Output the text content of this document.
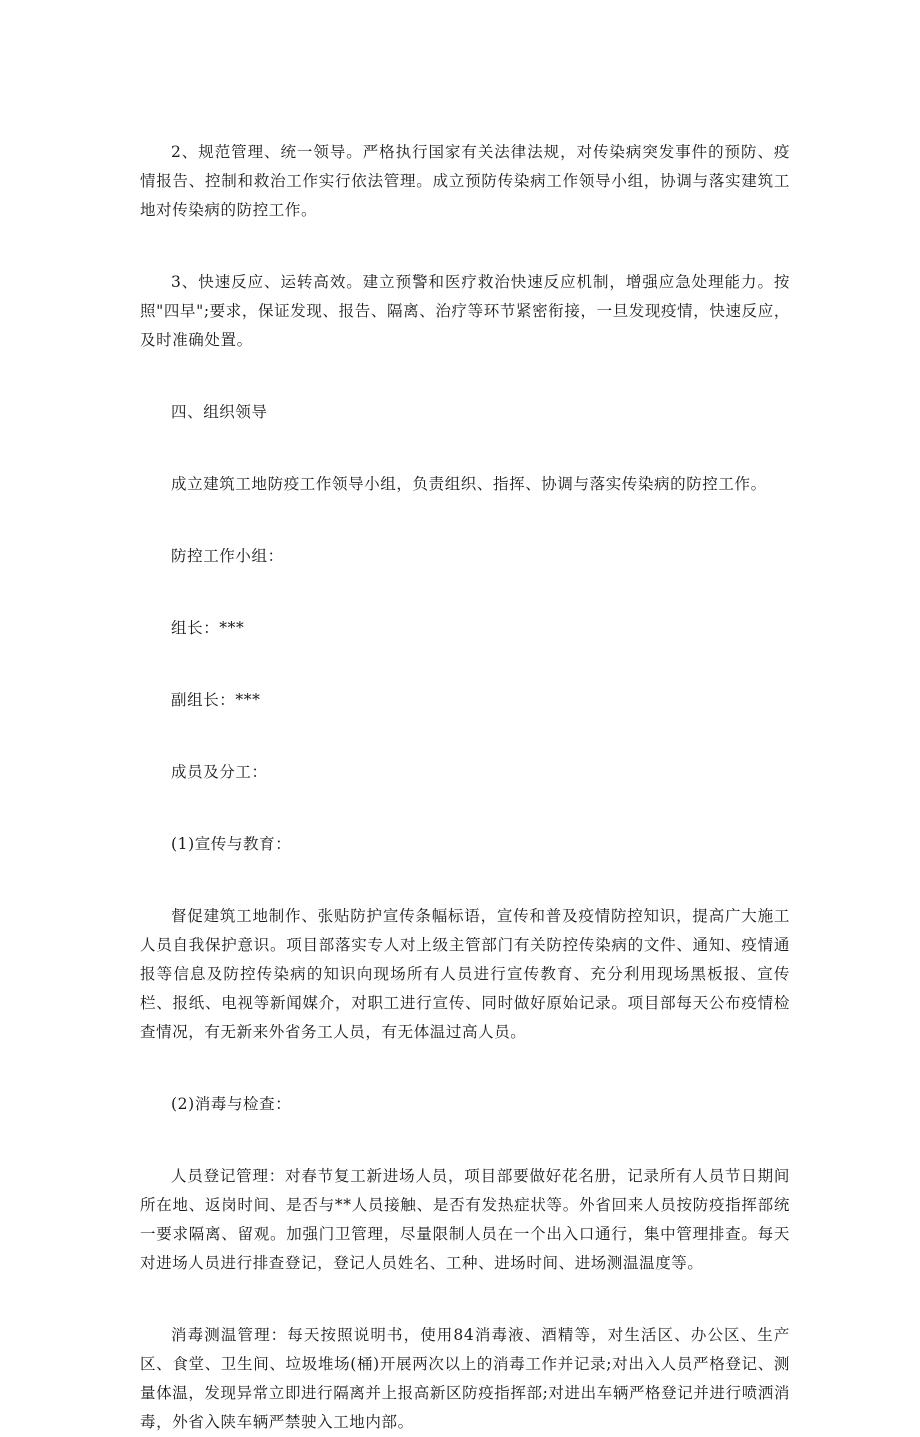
2、规范管理、统一领导。严格执行国家有关法律法规，对传染病突发事件的预防、疫情报告、控制和救治工作实行依法管理。成立预防传染病工作领导小组，协调与落实建筑工地对传染病的防控工作。

3、快速反应、运转高效。建立预警和医疗救治快速反应机制，增强应急处理能力。按照"四早";要求，保证发现、报告、隔离、治疗等环节紧密衔接，一旦发现疫情，快速反应，及时准确处置。

四、组织领导

成立建筑工地防疫工作领导小组，负责组织、指挥、协调与落实传染病的防控工作。

防控工作小组：

组长：***

副组长：***

成员及分工：

(1)宣传与教育：

督促建筑工地制作、张贴防护宣传条幅标语，宣传和普及疫情防控知识，提高广大施工人员自我保护意识。项目部落实专人对上级主管部门有关防控传染病的文件、通知、疫情通报等信息及防控传染病的知识向现场所有人员进行宣传教育、充分利用现场黑板报、宣传栏、报纸、电视等新闻媒介，对职工进行宣传、同时做好原始记录。项目部每天公布疫情检查情况，有无新来外省务工人员，有无体温过高人员。

(2)消毒与检查：

人员登记管理：对春节复工新进场人员，项目部要做好花名册，记录所有人员节日期间所在地、返岗时间、是否与**人员接触、是否有发热症状等。外省回来人员按防疫指挥部统一要求隔离、留观。加强门卫管理，尽量限制人员在一个出入口通行，集中管理排查。每天对进场人员进行排查登记，登记人员姓名、工种、进场时间、进场测温温度等。

消毒测温管理：每天按照说明书，使用84消毒液、酒精等，对生活区、办公区、生产区、食堂、卫生间、垃圾堆场(桶)开展两次以上的消毒工作并记录;对出入人员严格登记、测量体温，发现异常立即进行隔离并上报高新区防疫指挥部;对进出车辆严格登记并进行喷洒消毒，外省入陕车辆严禁驶入工地内部。
